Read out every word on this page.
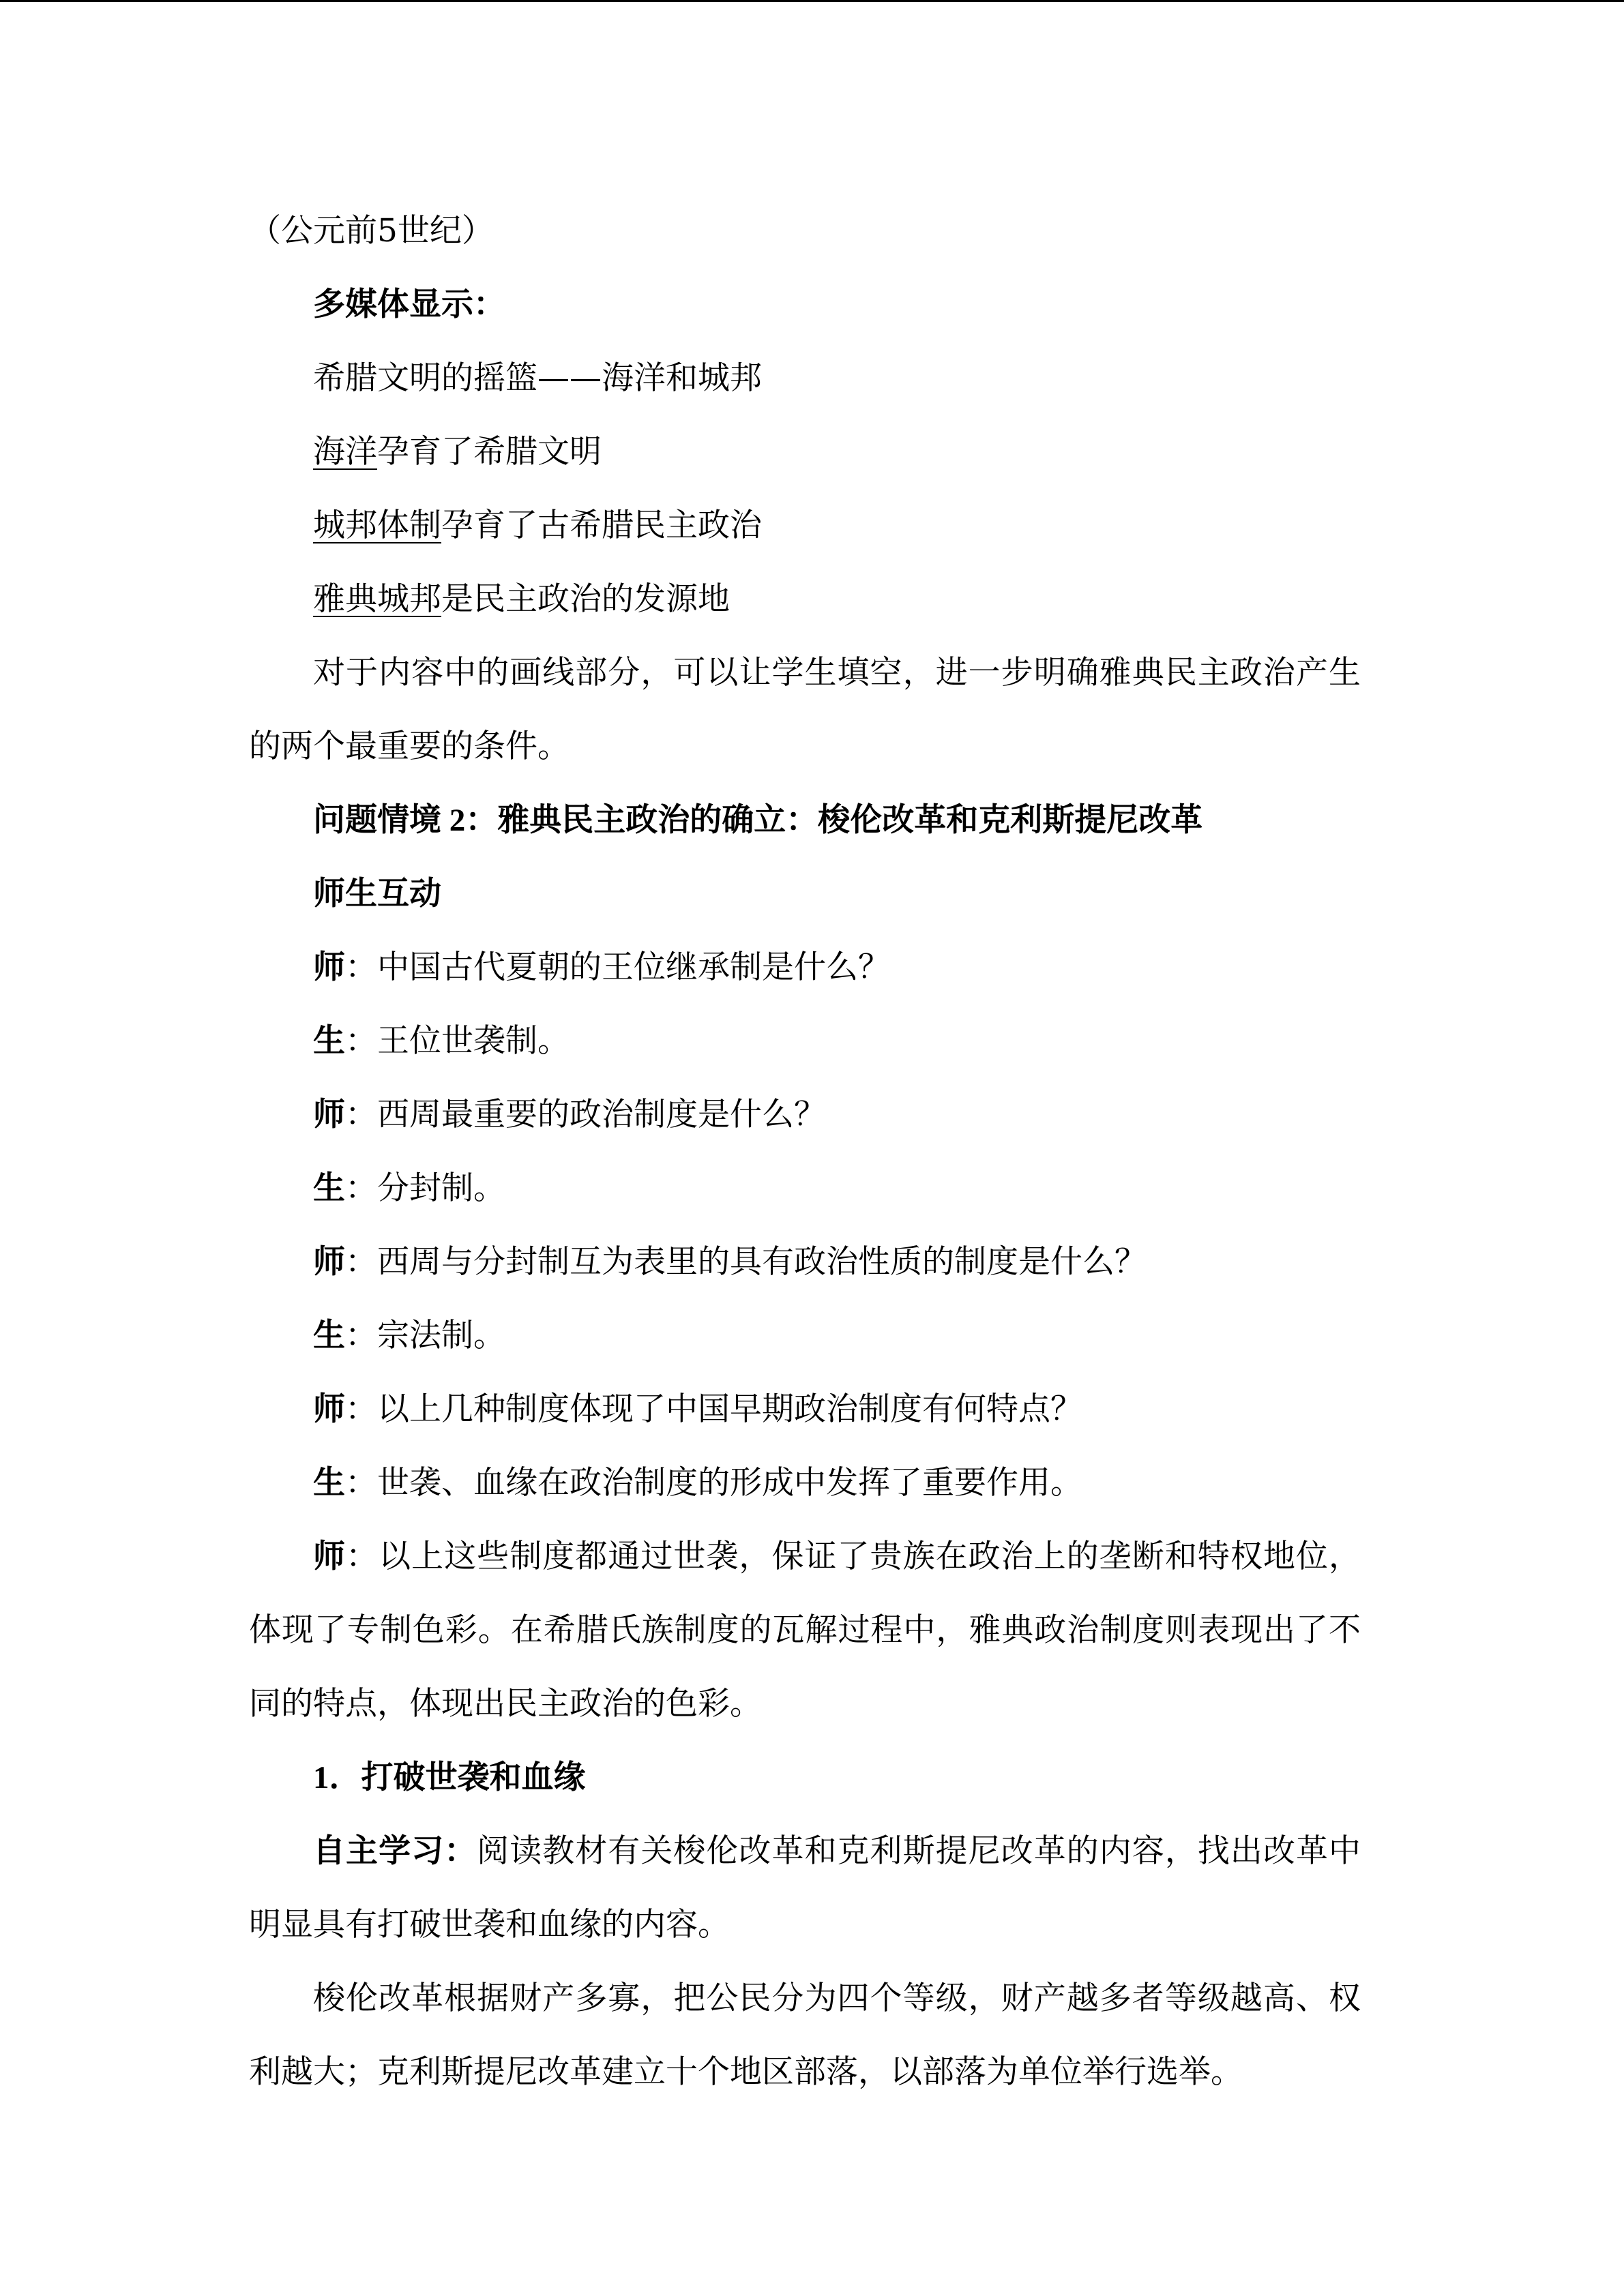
（公元前5世纪）
多媒体显示：
希腊文明的摇篮——海洋和城邦
海洋孕育了希腊文明
城邦体制孕育了古希腊民主政治
雅典城邦是民主政治的发源地
对于内容中的画线部分，可以让学生填空，进一步明确雅典民主政治产生
的两个最重要的条件。
问题情境 2：雅典民主政治的确立：梭伦改革和克利斯提尼改革
师生互动
师：中国古代夏朝的王位继承制是什么？
生：王位世袭制。
师：西周最重要的政治制度是什么？
生：分封制。
师：西周与分封制互为表里的具有政治性质的制度是什么？
生：宗法制。
师：以上几种制度体现了中国早期政治制度有何特点？
生：世袭、血缘在政治制度的形成中发挥了重要作用。
师：以上这些制度都通过世袭，保证了贵族在政治上的垄断和特权地位，
体现了专制色彩。在希腊氏族制度的瓦解过程中，雅典政治制度则表现出了不
同的特点，体现出民主政治的色彩。
1．打破世袭和血缘
自主学习：阅读教材有关梭伦改革和克利斯提尼改革的内容，找出改革中
明显具有打破世袭和血缘的内容。
梭伦改革根据财产多寡，把公民分为四个等级，财产越多者等级越高、权
利越大；克利斯提尼改革建立十个地区部落，以部落为单位举行选举。
